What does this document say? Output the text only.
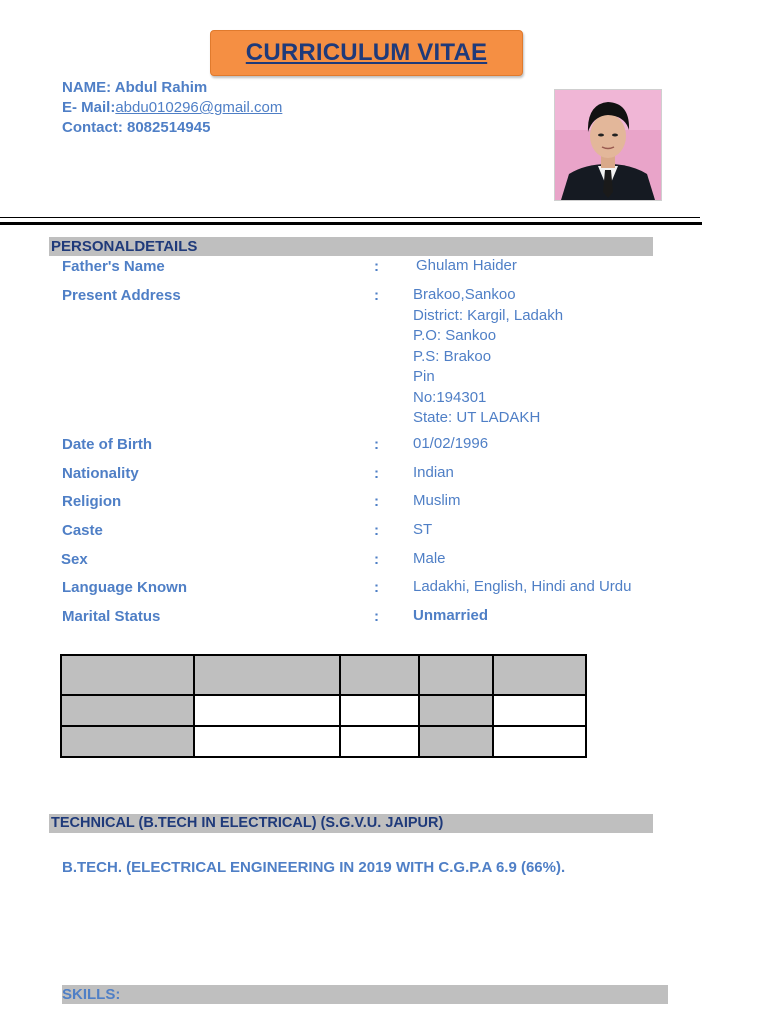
CURRICULUM VITAE
NAME: Abdul Rahim
E- Mail:abdu010296@gmail.com
Contact: 8082514945
PERSONALDETAILS
Father's Name	: Ghulam Haider
Present Address	: Brakoo,Sankoo
District: Kargil, Ladakh
P.O: Sankoo
P.S: Brakoo
Pin
No:194301
State: UT LADAKH
Date of Birth	: 01/02/1996
Nationality	: Indian
Religion	: Muslim
Caste	: ST
Sex	: Male
Language Known	: Ladakhi, English, Hindi and Urdu
Marital Status	: Unmarried

TECHNICAL (B.TECH IN ELECTRICAL) (S.G.V.U. JAIPUR)
B.TECH. (ELECTRICAL ENGINEERING IN 2019 WITH C.G.P.A 6.9 (66%).
SKILLS:
